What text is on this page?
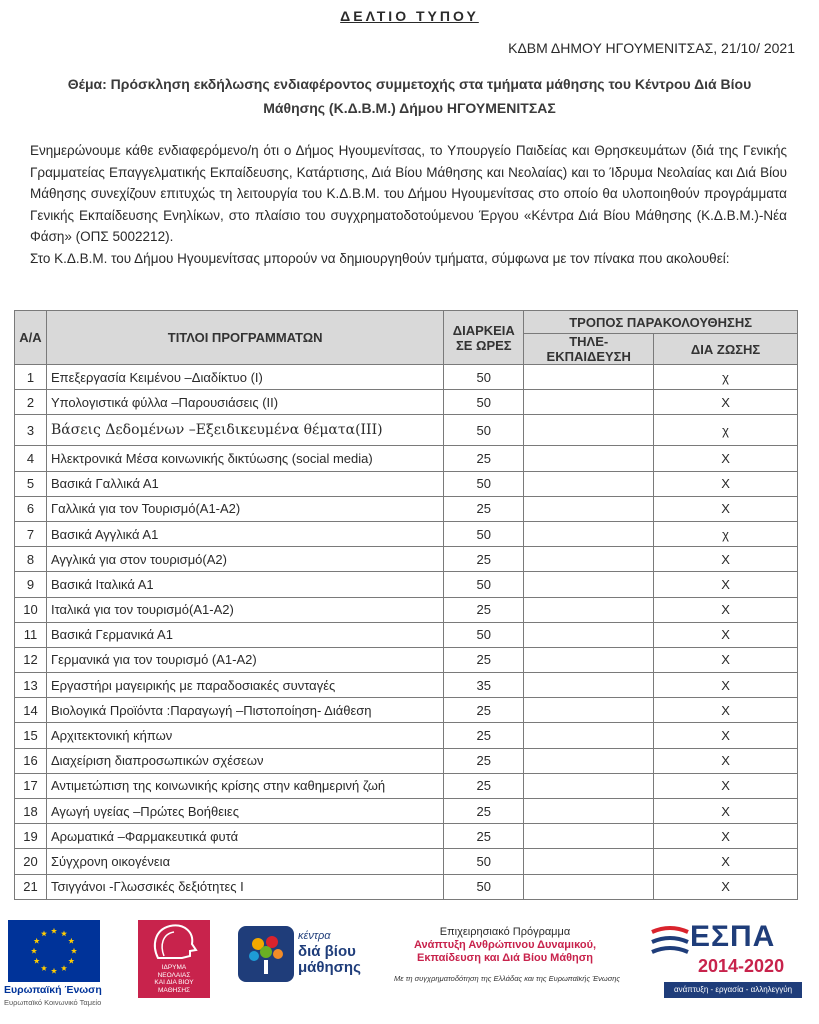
ΔΕΛΤΙΟ ΤΥΠΟΥ
ΚΔΒΜ ΔΗΜΟΥ ΗΓΟΥΜΕΝΙΤΣΑΣ, 21/10/ 2021
Θέμα: Πρόσκληση εκδήλωσης ενδιαφέροντος συμμετοχής στα τμήματα μάθησης του Κέντρου Διά Βίου
Μάθησης (Κ.Δ.Β.Μ.) Δήμου ΗΓΟΥΜΕΝΙΤΣΑΣ

Ενημερώνουμε κάθε ενδιαφερόμενο/η ότι ο Δήμος Ηγουμενίτσας, το Υπουργείο Παιδείας και Θρησκευμάτων (διά της Γενικής Γραμματείας Επαγγελματικής Εκπαίδευσης, Κατάρτισης, Διά Βίου Μάθησης και Νεολαίας) και το Ίδρυμα Νεολαίας και Διά Βίου Μάθησης συνεχίζουν επιτυχώς τη λειτουργία του Κ.Δ.Β.Μ. του Δήμου Ηγουμενίτσας στο οποίο θα υλοποιηθούν προγράμματα Γενικής Εκπαίδευσης Ενηλίκων, στο πλαίσιο του συγχρηματοδοτούμενου Έργου «Κέντρα Διά Βίου Μάθησης (Κ.Δ.Β.Μ.)-Νέα Φάση» (ΟΠΣ 5002212).

Στο Κ.Δ.Β.Μ. του Δήμου Ηγουμενίτσας μπορούν να δημιουργηθούν τμήματα, σύμφωνα με τον πίνακα που ακολουθεί:

Α/Α	ΤΙΤΛΟΙ ΠΡΟΓΡΑΜΜΑΤΩΝ	ΔΙΑΡΚΕΙΑ
ΣΕ ΩΡΕΣ	ΤΡΟΠΟΣ ΠΑΡΑΚΟΛΟΥΘΗΣΗΣ	
			ΤΗΛΕ-ΕΚΠΑΙΔΕΥΣΗ	ΔΙΑ ΖΩΣΗΣ
1	Επεξεργασία Κειμένου –Διαδίκτυο (Ι)	50		χ
2	Υπολογιστικά φύλλα –Παρουσιάσεις (ΙΙ)	50		Χ
3	Βάσεις Δεδομένων –Εξειδικευμένα θέματα(ΙΙΙ)	50		χ
4	Ηλεκτρονικά Μέσα κοινωνικής δικτύωσης (social media)	25		Χ
5	Βασικά Γαλλικά Α1	50		Χ
6	Γαλλικά για τον Τουρισμό(Α1-Α2)	25		Χ
7	Βασικά Αγγλικά Α1	50		χ
8	Αγγλικά για στον τουρισμό(Α2)	25		Χ
9	Βασικά Ιταλικά Α1	50		Χ
10	Ιταλικά για τον τουρισμό(Α1-Α2)	25		Χ
11	Βασικά Γερμανικά Α1	50		Χ
12	Γερμανικά για τον τουρισμό (Α1-Α2)	25		Χ
13	Εργαστήρι μαγειρικής με παραδοσιακές συνταγές	35		Χ
14	Βιολογικά Προϊόντα :Παραγωγή –Πιστοποίηση- Διάθεση	25		Χ
15	Αρχιτεκτονική κήπων	25		Χ
16	Διαχείριση διαπροσωπικών σχέσεων	25		Χ
17	Αντιμετώπιση της κοινωνικής κρίσης στην καθημερινή ζωή	25		Χ
18	Αγωγή υγείας –Πρώτες Βοήθειες	25		Χ
19	Αρωματικά –Φαρμακευτικά φυτά	25		Χ
20	Σύγχρονη οικογένεια	50		Χ
21	Τσιγγάνοι -Γλωσσικές δεξιότητες Ι	50		Χ
Ευρωπαϊκή Ένωση
Ευρωπαϊκό Κοινωνικό Ταμείο
ΙΔΡΥΜΑ
ΝΕΟΛΑΙΑΣ
ΚΑΙ ΔΙΑ ΒΙΟΥ
ΜΑΘΗΣΗΣ
κέντρα
διά βίου
μάθησης
Επιχειρησιακό Πρόγραμμα
Ανάπτυξη Ανθρώπινου Δυναμικού,
Εκπαίδευση και Διά Βίου Μάθηση
Με τη συγχρηματοδότηση της Ελλάδας και της Ευρωπαϊκής Ένωσης
ΕΣΠΑ
2014-2020
ανάπτυξη - εργασία - αλληλεγγύη
